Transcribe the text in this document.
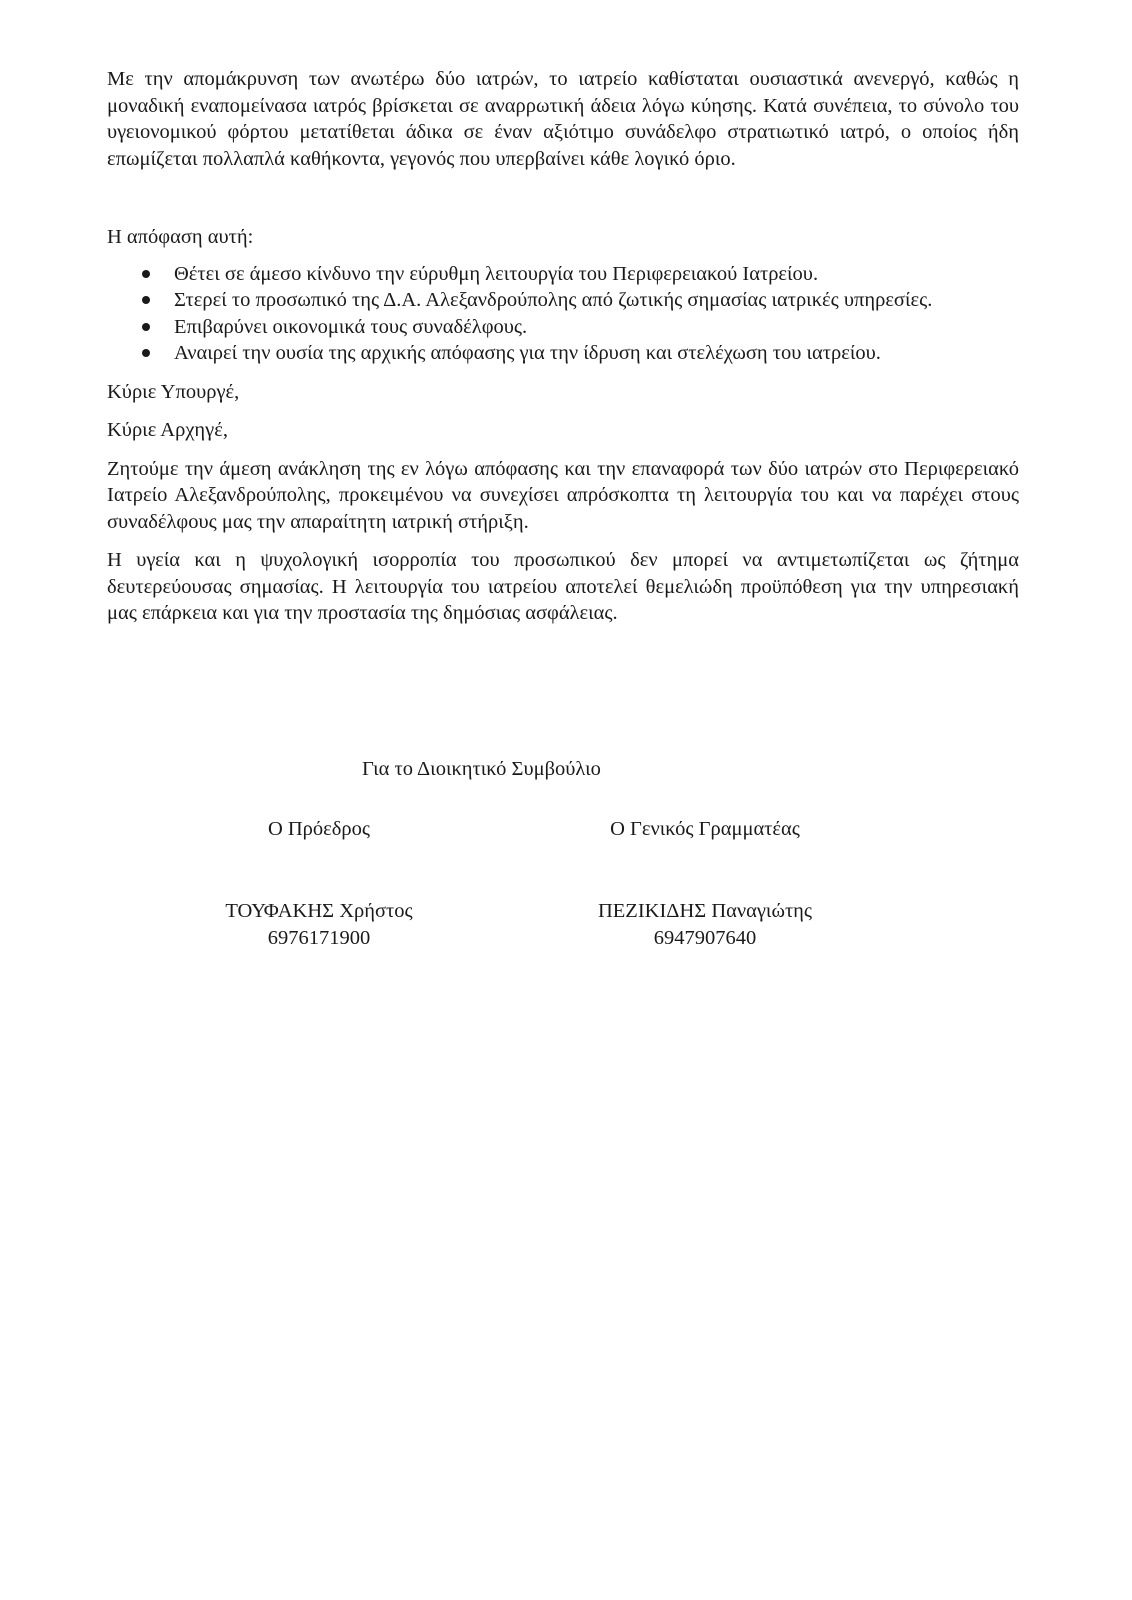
Με την απομάκρυνση των ανωτέρω δύο ιατρών, το ιατρείο καθίσταται ουσιαστικά ανενεργό, καθώς η μοναδική εναπομείνασα ιατρός βρίσκεται σε αναρρωτική άδεια λόγω κύησης. Κατά συνέπεια, το σύνολο του υγειονομικού φόρτου μετατίθεται άδικα σε έναν αξιότιμο συνάδελφο στρατιωτικό ιατρό, ο οποίος ήδη επωμίζεται πολλαπλά καθήκοντα, γεγονός που υπερβαίνει κάθε λογικό όριο.

Η απόφαση αυτή:

Θέτει σε άμεσο κίνδυνο την εύρυθμη λειτουργία του Περιφερειακού Ιατρείου.
Στερεί το προσωπικό της Δ.Α. Αλεξανδρούπολης από ζωτικής σημασίας ιατρικές υπηρεσίες.
Επιβαρύνει οικονομικά τους συναδέλφους.
Αναιρεί την ουσία της αρχικής απόφασης για την ίδρυση και στελέχωση του ιατρείου.

Κύριε Υπουργέ,

Κύριε Αρχηγέ,

Ζητούμε την άμεση ανάκληση της εν λόγω απόφασης και την επαναφορά των δύο ιατρών στο Περιφερειακό Ιατρείο Αλεξανδρούπολης, προκειμένου να συνεχίσει απρόσκοπτα τη λειτουργία του και να παρέχει στους συναδέλφους μας την απαραίτητη ιατρική στήριξη.

Η υγεία και η ψυχολογική ισορροπία του προσωπικού δεν μπορεί να αντιμετωπίζεται ως ζήτημα δευτερεύουσας σημασίας. Η λειτουργία του ιατρείου αποτελεί θεμελιώδη προϋπόθεση για την υπηρεσιακή μας επάρκεια και για την προστασία της δημόσιας ασφάλειας.

Για το Διοικητικό Συμβούλιο
Ο Πρόεδρος	Ο Γενικός Γραμματέας
ΤΟΥΦΑΚΗΣ Χρήστος
6976171900
ΠΕΖΙΚΙΔΗΣ Παναγιώτης
6947907640
